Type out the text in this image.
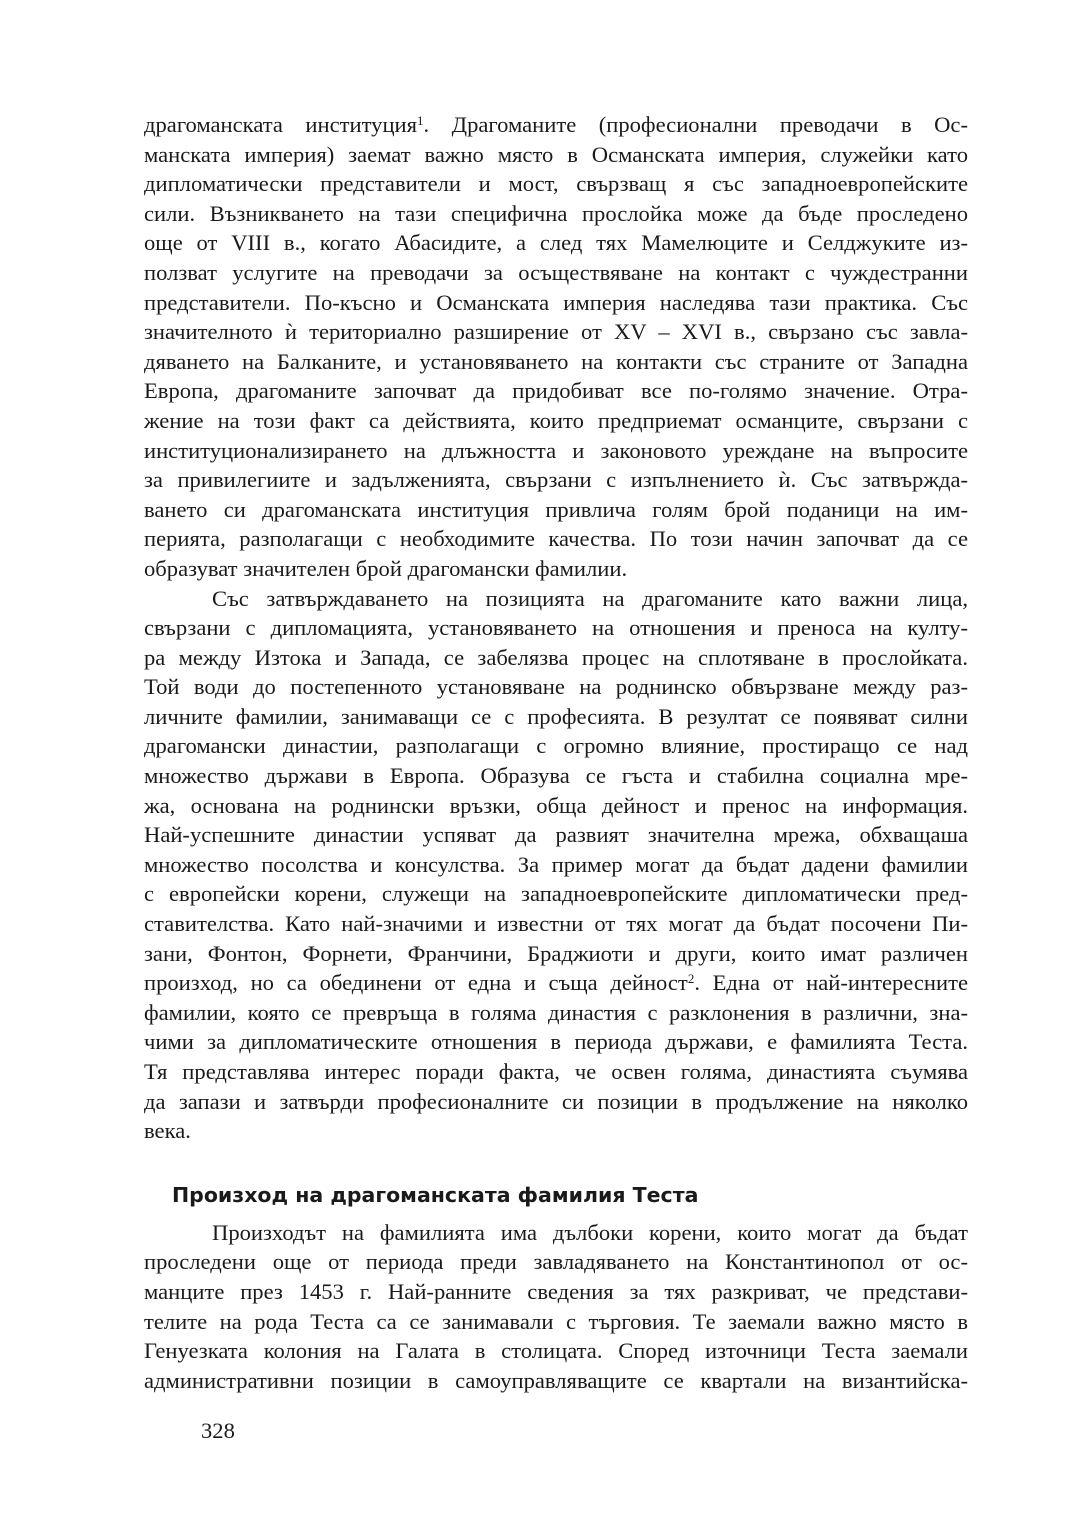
драгоманската институция$^1$. Драгоманите (професионални преводачи в Ос-
манската империя) заемат важно място в Османската империя, служейки като
дипломатически представители и мост, свързващ я със западноевропейските
сили. Възникването на тази специфична прослойка може да бъде проследено
още от VIII в., когато Абасидите, а след тях Мамелюците и Селджуките из-
ползват услугите на преводачи за осъществяване на контакт с чуждестранни
представители. По-късно и Османската империя наследява тази практика. Със
значителното ѝ териториално разширение от XV – XVI в., свързано със завла-
дяването на Балканите, и установяването на контакти със страните от Западна
Европа, драгоманите започват да придобиват все по-голямо значение. Отра-
жение на този факт са действията, които предприемат османците, свързани с
институционализирането на длъжността и законовото уреждане на въпросите
за привилегиите и задълженията, свързани с изпълнението ѝ. Със затвържда-
ването си драгоманската институция привлича голям брой поданици на им-
перията, разполагащи с необходимите качества. По този начин започват да се
образуват значителен брой драгомански фамилии.
Със затвърждаването на позицията на драгоманите като важни лица,
свързани с дипломацията, установяването на отношения и преноса на култу-
ра между Изтока и Запада, се забелязва процес на сплотяване в прослойката.
Той води до постепенното установяване на роднинско обвързване между раз-
личните фамилии, занимаващи се с професията. В резултат се появяват силни
драгомански династии, разполагащи с огромно влияние, простиращо се над
множество държави в Европа. Образува се гъста и стабилна социална мре-
жа, основана на роднински връзки, обща дейност и пренос на информация.
Най-успешните династии успяват да развият значителна мрежа, обхващаша
множество посолства и консулства. За пример могат да бъдат дадени фамилии
с европейски корени, служещи на западноевропейските дипломатически пред-
ставителства. Като най-значими и известни от тях могат да бъдат посочени Пи-
зани, Фонтон, Форнети, Франчини, Браджиоти и други, които имат различен
произход, но са обединени от една и съща дейност$^2$. Една от най-интересните
фамилии, която се превръща в голяма династия с разклонения в различни, зна-
чими за дипломатическите отношения в периода държави, е фамилията Теста.
Тя представлява интерес поради факта, че освен голяма, династията съумява
да запази и затвърди професионалните си позиции в продължение на няколко
века.
Произход на драгоманската фамилия Теста
Произходът на фамилията има дълбоки корени, които могат да бъдат
проследени още от периода преди завладяването на Константинопол от ос-
манците през 1453 г. Най-ранните сведения за тях разкриват, че представи-
телите на рода Теста са се занимавали с търговия. Те заемали важно място в
Генуезката колония на Галата в столицата. Според източници Теста заемали
административни позиции в самоуправляващите се квартали на византийска-
328
